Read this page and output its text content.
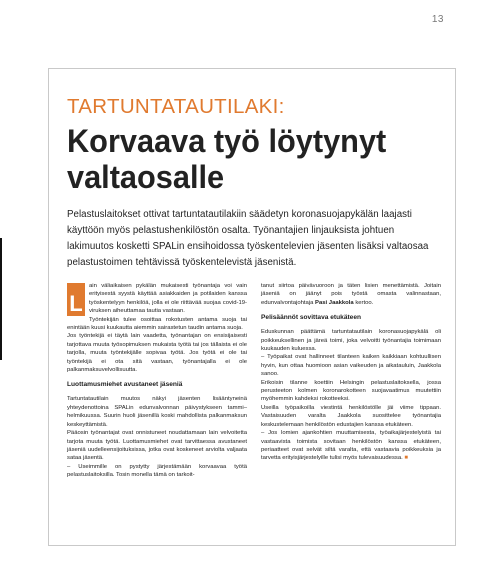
13
TARTUNTATAUTILAKI:
Korvaava työ löytynyt valtaosalle

Pelastuslaitokset ottivat tartuntatautilakiin säädetyn koronasuojapykälän laajasti käyttöön myös pelastushenkilöstön osalta. Työnantajien linjauksista johtuen lakimuutos kosketti SPALin ensihoidossa työskentelevien jäsenten lisäksi valtaosaa pelastustoimen tehtävissä työskentelevistä jäsenistä.

L

ain väliaikaisen pykälän mukaisesti työnantaja voi vain erityisestä syystä käyttää asiakkaiden ja potilaiden kanssa työskentelyyn henkilöä, jolla ei ole riittävää suojaa covid-19-viruksen aiheuttamaa tautia vastaan.

Työntekijän tulee osoittaa rokotusten antama suoja tai enintään kuusi kuukautta aiemmin sairastetun taudin antama suoja.

Jos työntekijä ei täytä lain vaadetta, työnantajan on ensisijaisesti tarjottava muuta työsopimuksen mukaista työtä tai jos tällaista ei ole tarjolla, muuta työntekijälle sopivaa työtä. Jos työtä ei ole tai työntekijä ei ota sitä vastaan, työnantajalla ei ole palkanmaksuvelvollisuutta.

Luottamusmiehet avustaneet jäseniä

Tartuntatautilain muutos näkyi jäsenten lisääntyneinä yhteydenottoina SPALin edunvalvonnan päivystykseen tammi–helmikuussa. Suurin huoli jäsenillä koski mahdollista palkanmaksun keskeyttämistä.

Pääosin työnantajat ovat onnistuneet noudattamaan lain velvoitetta tarjota muuta työtä. Luottamusmiehet ovat tarvittaessa avustaneet jäseniä uudelleensijoituksissa, jotka ovat koskeneet arviolta valjaata sataa jäsentä.

– Useimmille on pystytty järjestämään korvaavaa työtä pelastuslaitoksilla. Tosin monella tämä on tarkoit-

tanut siirtoa päivävuoroon ja täten lisien menettämistä. Joitain jäseniä on jäänyt pois työstä omasta valinnastaan, edunvalvontajohtaja Pasi Jaakkola kertoo.

Pelisäännöt sovittava etukäteen

Eduskunnan päättämä tartuntatautilain koronasuojapykälä oli poikkeuksellinen ja järeä toimi, joka velvoitti työnantajia toimimaan kuukauden kuluessa.

– Työpaikat ovat hallinneet tilanteen kaiken kaikkiaan kohtuullisen hyvin, kun ottaa huomioon asian vaikeuden ja aikatauluin, Jaakkola sanoo.

Erikoisin tilanne koettiin Helsingin pelastuslaitoksella, jossa perusteeton kolmen koronarokotteen suojavaatimus muutettiin myöhemmin kahdeksi rokotteeksi.

Useilla työpaikoilla viestintä henkilöstölle jäi viime tippaan. Vastaisuuden varalta Jaakkola suosittelee työnantajia keskustelemaan henkilöstön edustajien kanssa etukäteen.

– Jos lomien ajankohtien muuttamisesta, työaikajärjestelyistä tai vastaavista toimista sovitaan henkilöstön kanssa etukäteen, periaatteet ovat selvät siltä varalta, että vastaavia poikkeuksia ja tarvetta erityisjärjestelyille tulisi myös tulevaisuudessa. ■
